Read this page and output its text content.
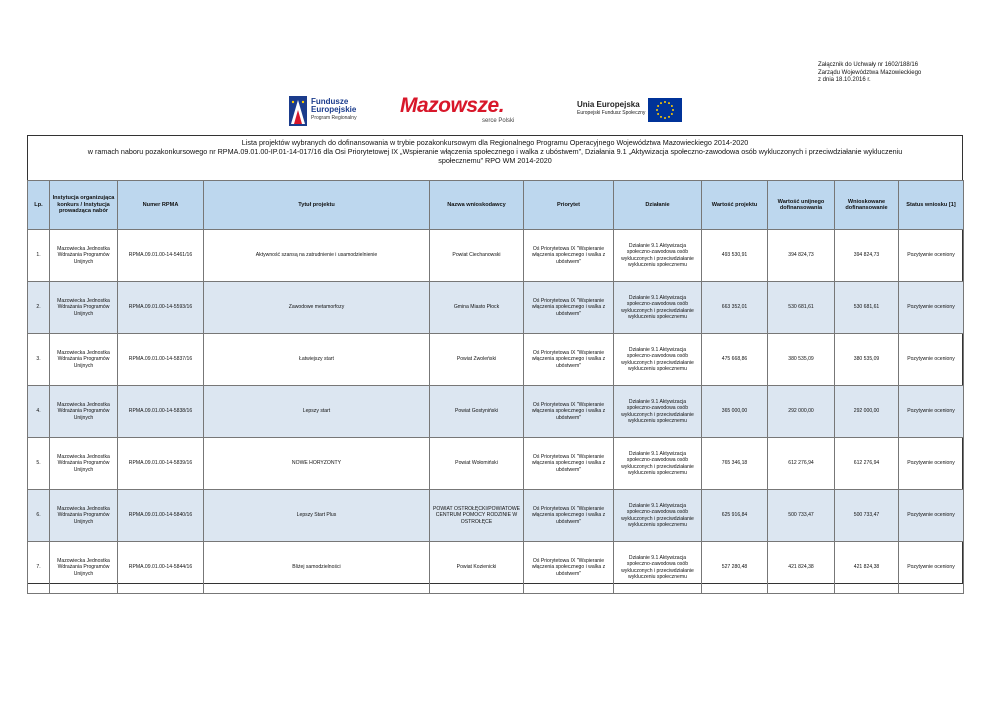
Załącznik do Uchwały nr 1602/188/16
Zarządu Województwa Mazowieckiego
z dnia 18.10.2016 r.
Fundusze
Europejskie
Program Regionalny
Mazowsze.
serce Polski
Unia Europejska
Europejski Fundusz Społeczny
Lista projektów wybranych do dofinansowania w trybie pozakonkursowym dla Regionalnego Programu Operacyjnego Województwa Mazowieckiego 2014-2020
w ramach naboru pozakonkursowego nr RPMA.09.01.00-IP.01-14-017/16 dla Osi Priorytetowej IX „Wspieranie włączenia społecznego i walka z ubóstwem”, Działania 9.1 „Aktywizacja społeczno-zawodowa osób wykluczonych i przeciwdziałanie wykluczeniu
społecznemu” RPO WM 2014-2020
Lp.	Instytucja organizująca konkurs / Instytucja prowadząca nabór	Numer RPMA	Tytuł projektu	Nazwa wnioskodawcy	Priorytet	Działanie	Wartość projektu	Wartość unijnego dofinansowania	Wnioskowane dofinansowanie	Status wniosku [1]
1.	Mazowiecka Jednostka Wdrażania Programów Unijnych	RPMA.09.01.00-14-5461/16	Aktywność szansą na zatrudnienie i usamodzielnienie	Powiat Ciechanowski	Oś Priorytetowa IX "Wspieranie włączenia społecznego i walka z ubóstwem"	Działanie 9.1 Aktywizacja społeczno-zawodowa osób wykluczonych i przeciwdziałanie wykluczeniu społecznemu	493 530,91	394 824,73	394 824,73	Pozytywnie oceniony
2.	Mazowiecka Jednostka Wdrażania Programów Unijnych	RPMA.09.01.00-14-5593/16	Zawodowe metamorfozy	Gmina Miasto Płock	Oś Priorytetowa IX "Wspieranie włączenia społecznego i walka z ubóstwem"	Działanie 9.1 Aktywizacja społeczno-zawodowa osób wykluczonych i przeciwdziałanie wykluczeniu społecznemu	663 352,01	530 681,61	530 681,61	Pozytywnie oceniony
3.	Mazowiecka Jednostka Wdrażania Programów Unijnych	RPMA.09.01.00-14-5837/16	Łatwiejszy start	Powiat Zwoleński	Oś Priorytetowa IX "Wspieranie włączenia społecznego i walka z ubóstwem"	Działanie 9.1 Aktywizacja społeczno-zawodowa osób wykluczonych i przeciwdziałanie wykluczeniu społecznemu	475 668,86	380 535,09	380 535,09	Pozytywnie oceniony
4.	Mazowiecka Jednostka Wdrażania Programów Unijnych	RPMA.09.01.00-14-5838/16	Lepszy start	Powiat Gostyniński	Oś Priorytetowa IX "Wspieranie włączenia społecznego i walka z ubóstwem"	Działanie 9.1 Aktywizacja społeczno-zawodowa osób wykluczonych i przeciwdziałanie wykluczeniu społecznemu	365 000,00	292 000,00	292 000,00	Pozytywnie oceniony
5.	Mazowiecka Jednostka Wdrażania Programów Unijnych	RPMA.09.01.00-14-5839/16	NOWE HORYZONTY	Powiat Wołomiński	Oś Priorytetowa IX "Wspieranie włączenia społecznego i walka z ubóstwem"	Działanie 9.1 Aktywizacja społeczno-zawodowa osób wykluczonych i przeciwdziałanie wykluczeniu społecznemu	765 346,18	612 276,94	612 276,94	Pozytywnie oceniony
6.	Mazowiecka Jednostka Wdrażania Programów Unijnych	RPMA.09.01.00-14-5840/16	Lepszy Start Plus	POWIAT OSTROŁĘCKI/POWIATOWE CENTRUM POMOCY RODZINIE W OSTROŁĘCE	Oś Priorytetowa IX "Wspieranie włączenia społecznego i walka z ubóstwem"	Działanie 9.1 Aktywizacja społeczno-zawodowa osób wykluczonych i przeciwdziałanie wykluczeniu społecznemu	625 916,84	500 733,47	500 733,47	Pozytywnie oceniony
7.	Mazowiecka Jednostka Wdrażania Programów Unijnych	RPMA.09.01.00-14-5844/16	Bliżej samodzielności	Powiat Kozienicki	Oś Priorytetowa IX "Wspieranie włączenia społecznego i walka z ubóstwem"	Działanie 9.1 Aktywizacja społeczno-zawodowa osób wykluczonych i przeciwdziałanie wykluczeniu społecznemu	527 280,48	421 824,38	421 824,38	Pozytywnie oceniony
